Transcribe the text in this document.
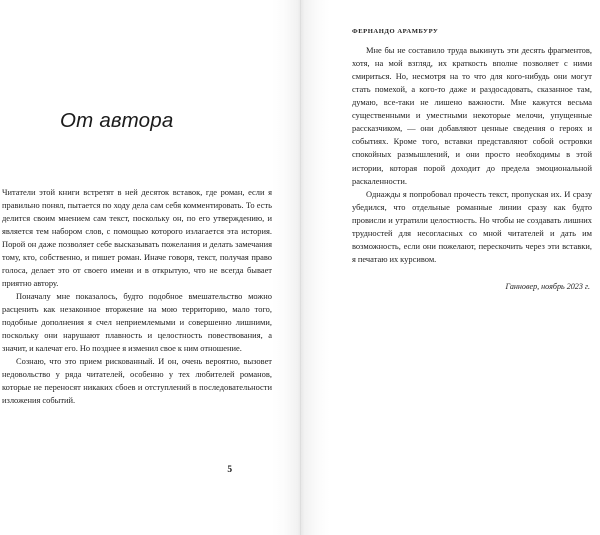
От автора

Читатели этой книги встретят в ней десяток вставок, где роман, если я правильно понял, пытается по ходу дела сам себя комментировать. То есть делится своим мнением сам текст, поскольку он, по его утверждению, и является тем набором слов, с помощью которого излагается эта история. Порой он даже позволяет себе высказывать пожелания и делать замечания тому, кто, собственно, и пишет роман. Иначе говоря, текст, получая право голоса, делает это от своего имени и в открытую, что не всегда бывает приятно автору.

Поначалу мне показалось, будто подобное вмешательство можно расценить как незаконное вторжение на мою территорию, мало того, подобные дополнения я счел неприемлемыми и совершенно лишними, поскольку они нарушают плавность и целостность повествования, а значит, и калечат его. Но позднее я изменил свое к ним отношение.

Сознаю, что это прием рискованный. И он, очень вероятно, вызовет недовольство у ряда читателей, особенно у тех любителей романов, которые не переносят никаких сбоев и отступлений в последовательности изложения событий.

5

ФЕРНАНДО АРАМБУРУ

Мне бы не составило труда выкинуть эти десять фрагментов, хотя, на мой взгляд, их краткость вполне позволяет с ними смириться. Но, несмотря на то что для кого-нибудь они могут стать помехой, а кого-то даже и раздосадовать, сказанное там, думаю, все-таки не лишено важности. Мне кажутся весьма существенными и уместными некоторые мелочи, упущенные рассказчиком, — они добавляют ценные сведения о героях и событиях. Кроме того, вставки представляют собой островки спокойных размышлений, и они просто необходимы в этой истории, которая порой доходит до предела эмоциональной раскаленности.

Однажды я попробовал прочесть текст, пропуская их. И сразу убедился, что отдельные романные линии сразу как будто провисли и утратили целостность. Но чтобы не создавать лишних трудностей для несогласных со мной читателей и дать им возможность, если они пожелают, перескочить через эти вставки, я печатаю их курсивом.

Ганновер, ноябрь 2023 г.
